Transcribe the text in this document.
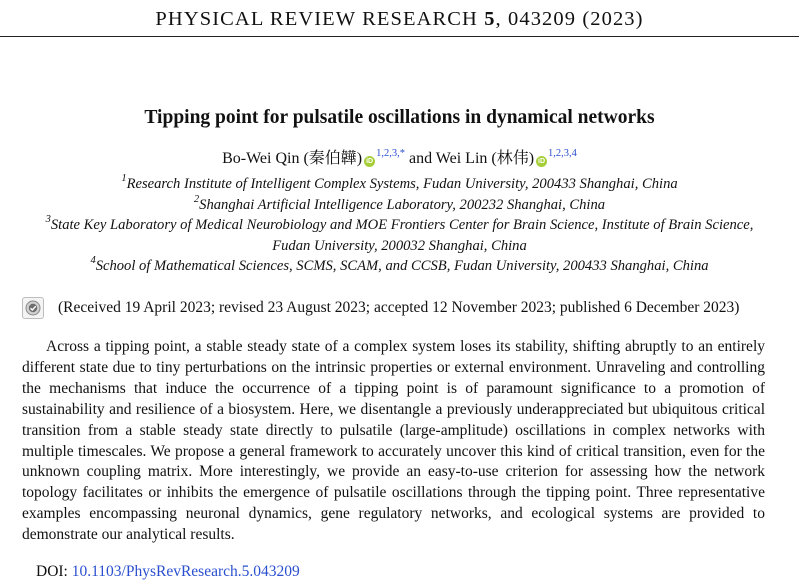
PHYSICAL REVIEW RESEARCH 5, 043209 (2023)
Tipping point for pulsatile oscillations in dynamical networks
Bo-Wei Qin (秦伯韡) $iD^{1,2,3,*}$ and Wei Lin (林伟) iD$^{1,2,3,4}$
$^1$Research Institute of Intelligent Complex Systems, Fudan University, 200433 Shanghai, China
$^2$Shanghai Artificial Intelligence Laboratory, 200232 Shanghai, China
$^3$State Key Laboratory of Medical Neurobiology and MOE Frontiers Center for Brain Science, Institute of Brain Science,
Fudan University, 200032 Shanghai, China
$^4$School of Mathematical Sciences, SCMS, SCAM, and CCSB, Fudan University, 200433 Shanghai, China
(Received 19 April 2023; revised 23 August 2023; accepted 12 November 2023; published 6 December 2023)

Across a tipping point, a stable steady state of a complex system loses its stability, shifting abruptly to an entirely different state due to tiny perturbations on the intrinsic properties or external environment. Unraveling and controlling the mechanisms that induce the occurrence of a tipping point is of paramount significance to a promotion of sustainability and resilience of a biosystem. Here, we disentangle a previously underappreciated but ubiquitous critical transition from a stable steady state directly to pulsatile (large-amplitude) oscillations in complex networks with multiple timescales. We propose a general framework to accurately uncover this kind of critical transition, even for the unknown coupling matrix. More interestingly, we provide an easy-to-use criterion for assessing how the network topology facilitates or inhibits the emergence of pulsatile oscillations through the tipping point. Three representative examples encompassing neuronal dynamics, gene regulatory networks, and ecological systems are provided to demonstrate our analytical results.

DOI: 10.1103/PhysRevResearch.5.043209
